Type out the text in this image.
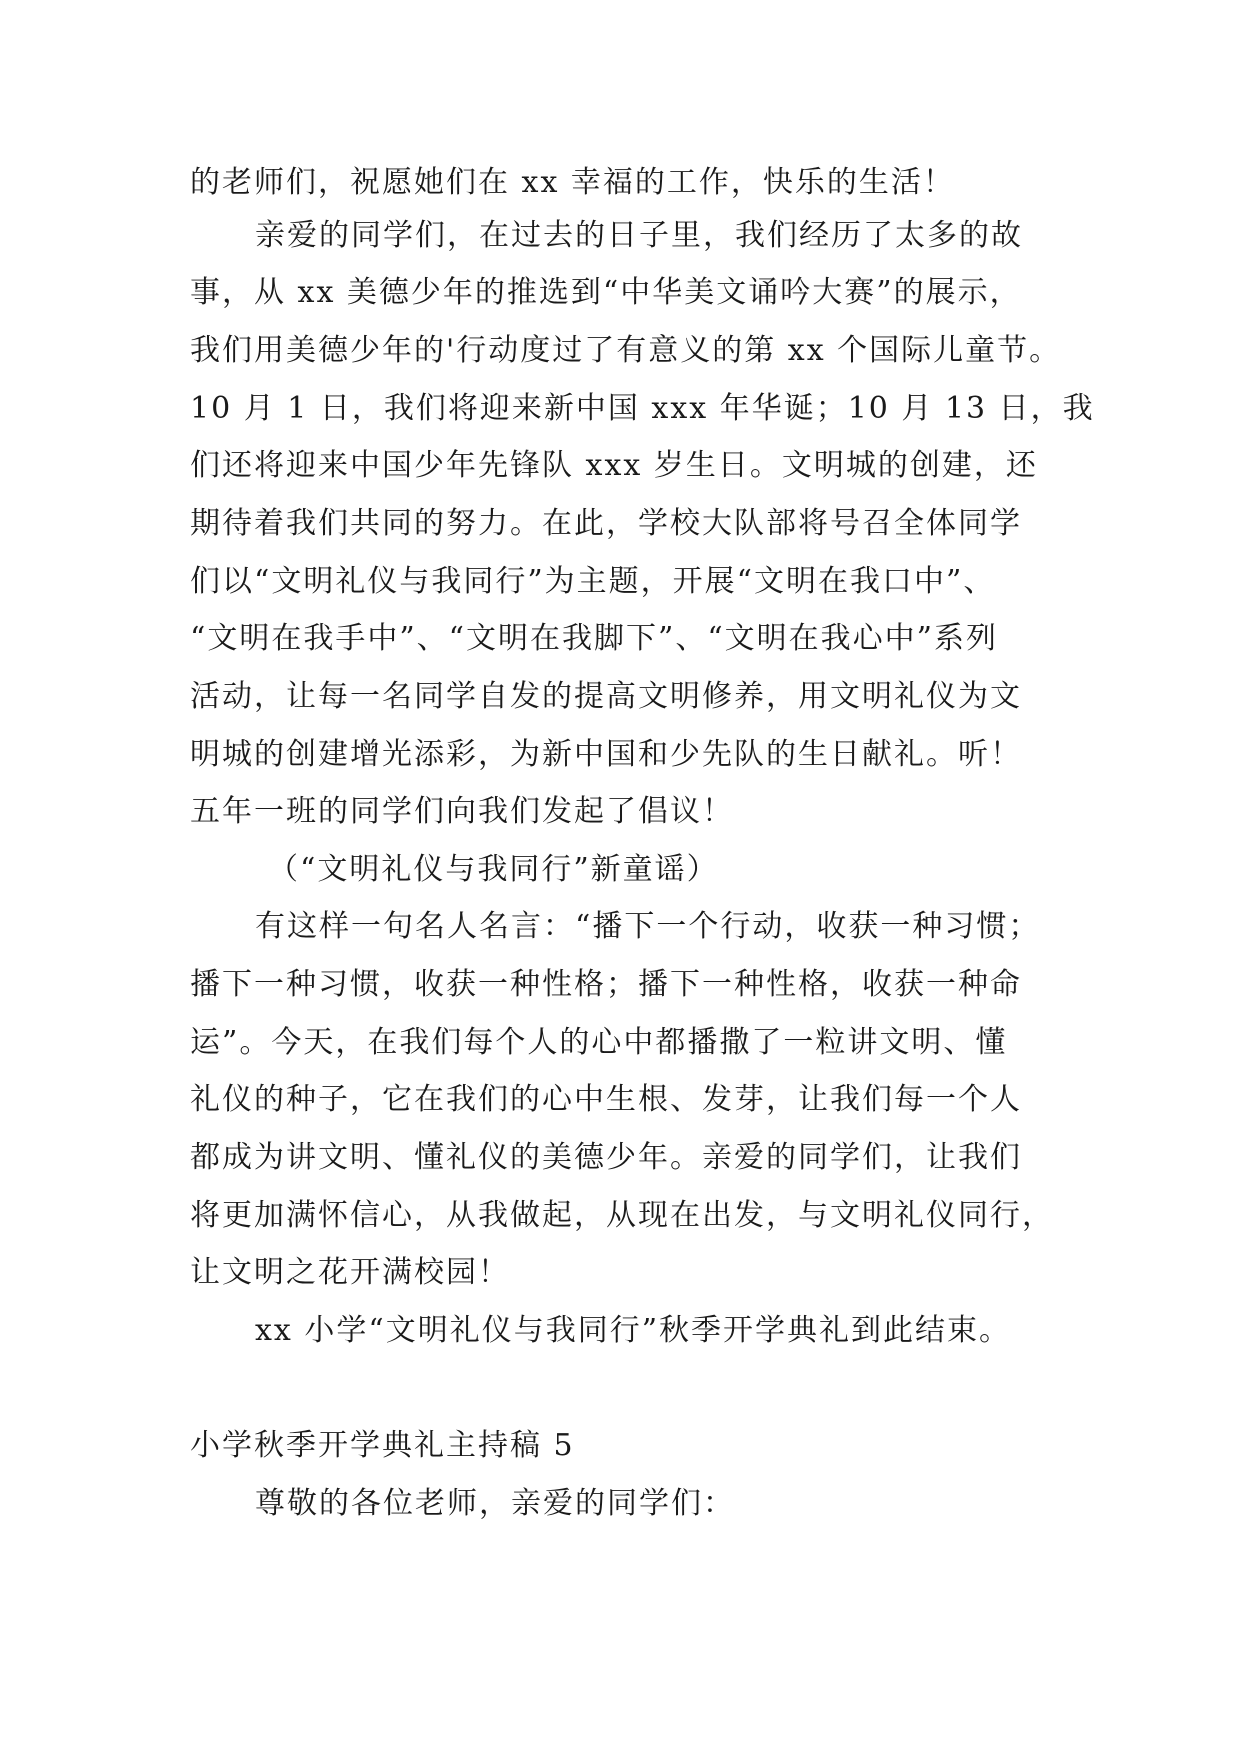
的老师们，祝愿她们在 xx 幸福的工作，快乐的生活！
亲爱的同学们，在过去的日子里，我们经历了太多的故
事，从 xx 美德少年的推选到“中华美文诵吟大赛”的展示，
我们用美德少年的'行动度过了有意义的第 xx 个国际儿童节。
10 月 1 日，我们将迎来新中国 xxx 年华诞；10 月 13 日，我
们还将迎来中国少年先锋队 xxx 岁生日。文明城的创建，还
期待着我们共同的努力。在此，学校大队部将号召全体同学
们以“文明礼仪与我同行”为主题，开展“文明在我口中”、
“文明在我手中”、“文明在我脚下”、“文明在我心中”系列
活动，让每一名同学自发的提高文明修养，用文明礼仪为文
明城的创建增光添彩，为新中国和少先队的生日献礼。听！
五年一班的同学们向我们发起了倡议！
（“文明礼仪与我同行”新童谣）
有这样一句名人名言：“播下一个行动，收获一种习惯；
播下一种习惯，收获一种性格；播下一种性格，收获一种命
运”。今天，在我们每个人的心中都播撒了一粒讲文明、懂
礼仪的种子，它在我们的心中生根、发芽，让我们每一个人
都成为讲文明、懂礼仪的美德少年。亲爱的同学们，让我们
将更加满怀信心，从我做起，从现在出发，与文明礼仪同行，
让文明之花开满校园！
xx 小学“文明礼仪与我同行”秋季开学典礼到此结束。
小学秋季开学典礼主持稿 5
尊敬的各位老师，亲爱的同学们：
